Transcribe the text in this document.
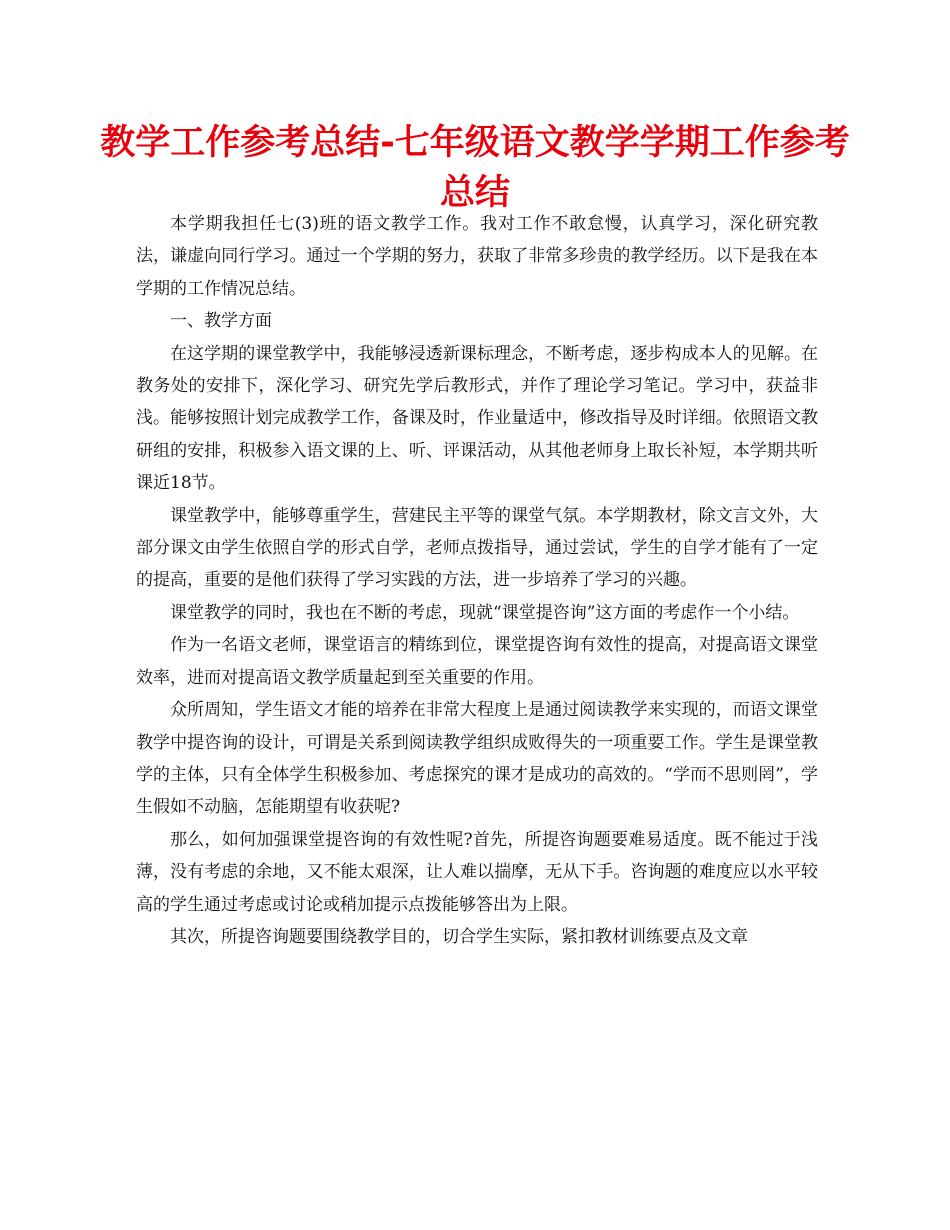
教学工作参考总结-七年级语文教学学期工作参考总结

本学期我担任七(3)班的语文教学工作。我对工作不敢怠慢，认真学习，深化研究教法，谦虚向同行学习。通过一个学期的努力，获取了非常多珍贵的教学经历。以下是我在本学期的工作情况总结。

一、教学方面

在这学期的课堂教学中，我能够浸透新课标理念，不断考虑，逐步构成本人的见解。在教务处的安排下，深化学习、研究先学后教形式，并作了理论学习笔记。学习中，获益非浅。能够按照计划完成教学工作，备课及时，作业量适中，修改指导及时详细。依照语文教研组的安排，积极参入语文课的上、听、评课活动，从其他老师身上取长补短，本学期共听课近18节。

课堂教学中，能够尊重学生，营建民主平等的课堂气氛。本学期教材，除文言文外，大部分课文由学生依照自学的形式自学，老师点拨指导，通过尝试，学生的自学才能有了一定的提高，重要的是他们获得了学习实践的方法，进一步培养了学习的兴趣。

课堂教学的同时，我也在不断的考虑，现就“课堂提咨询”这方面的考虑作一个小结。

作为一名语文老师，课堂语言的精练到位，课堂提咨询有效性的提高，对提高语文课堂效率，进而对提高语文教学质量起到至关重要的作用。

众所周知，学生语文才能的培养在非常大程度上是通过阅读教学来实现的，而语文课堂教学中提咨询的设计，可谓是关系到阅读教学组织成败得失的一项重要工作。学生是课堂教学的主体，只有全体学生积极参加、考虑探究的课才是成功的高效的。“学而不思则罔”，学生假如不动脑，怎能期望有收获呢?

那么，如何加强课堂提咨询的有效性呢?首先，所提咨询题要难易适度。既不能过于浅薄，没有考虑的余地，又不能太艰深，让人难以揣摩，无从下手。咨询题的难度应以水平较高的学生通过考虑或讨论或稍加提示点拨能够答出为上限。

其次，所提咨询题要围绕教学目的，切合学生实际，紧扣教材训练要点及文章
